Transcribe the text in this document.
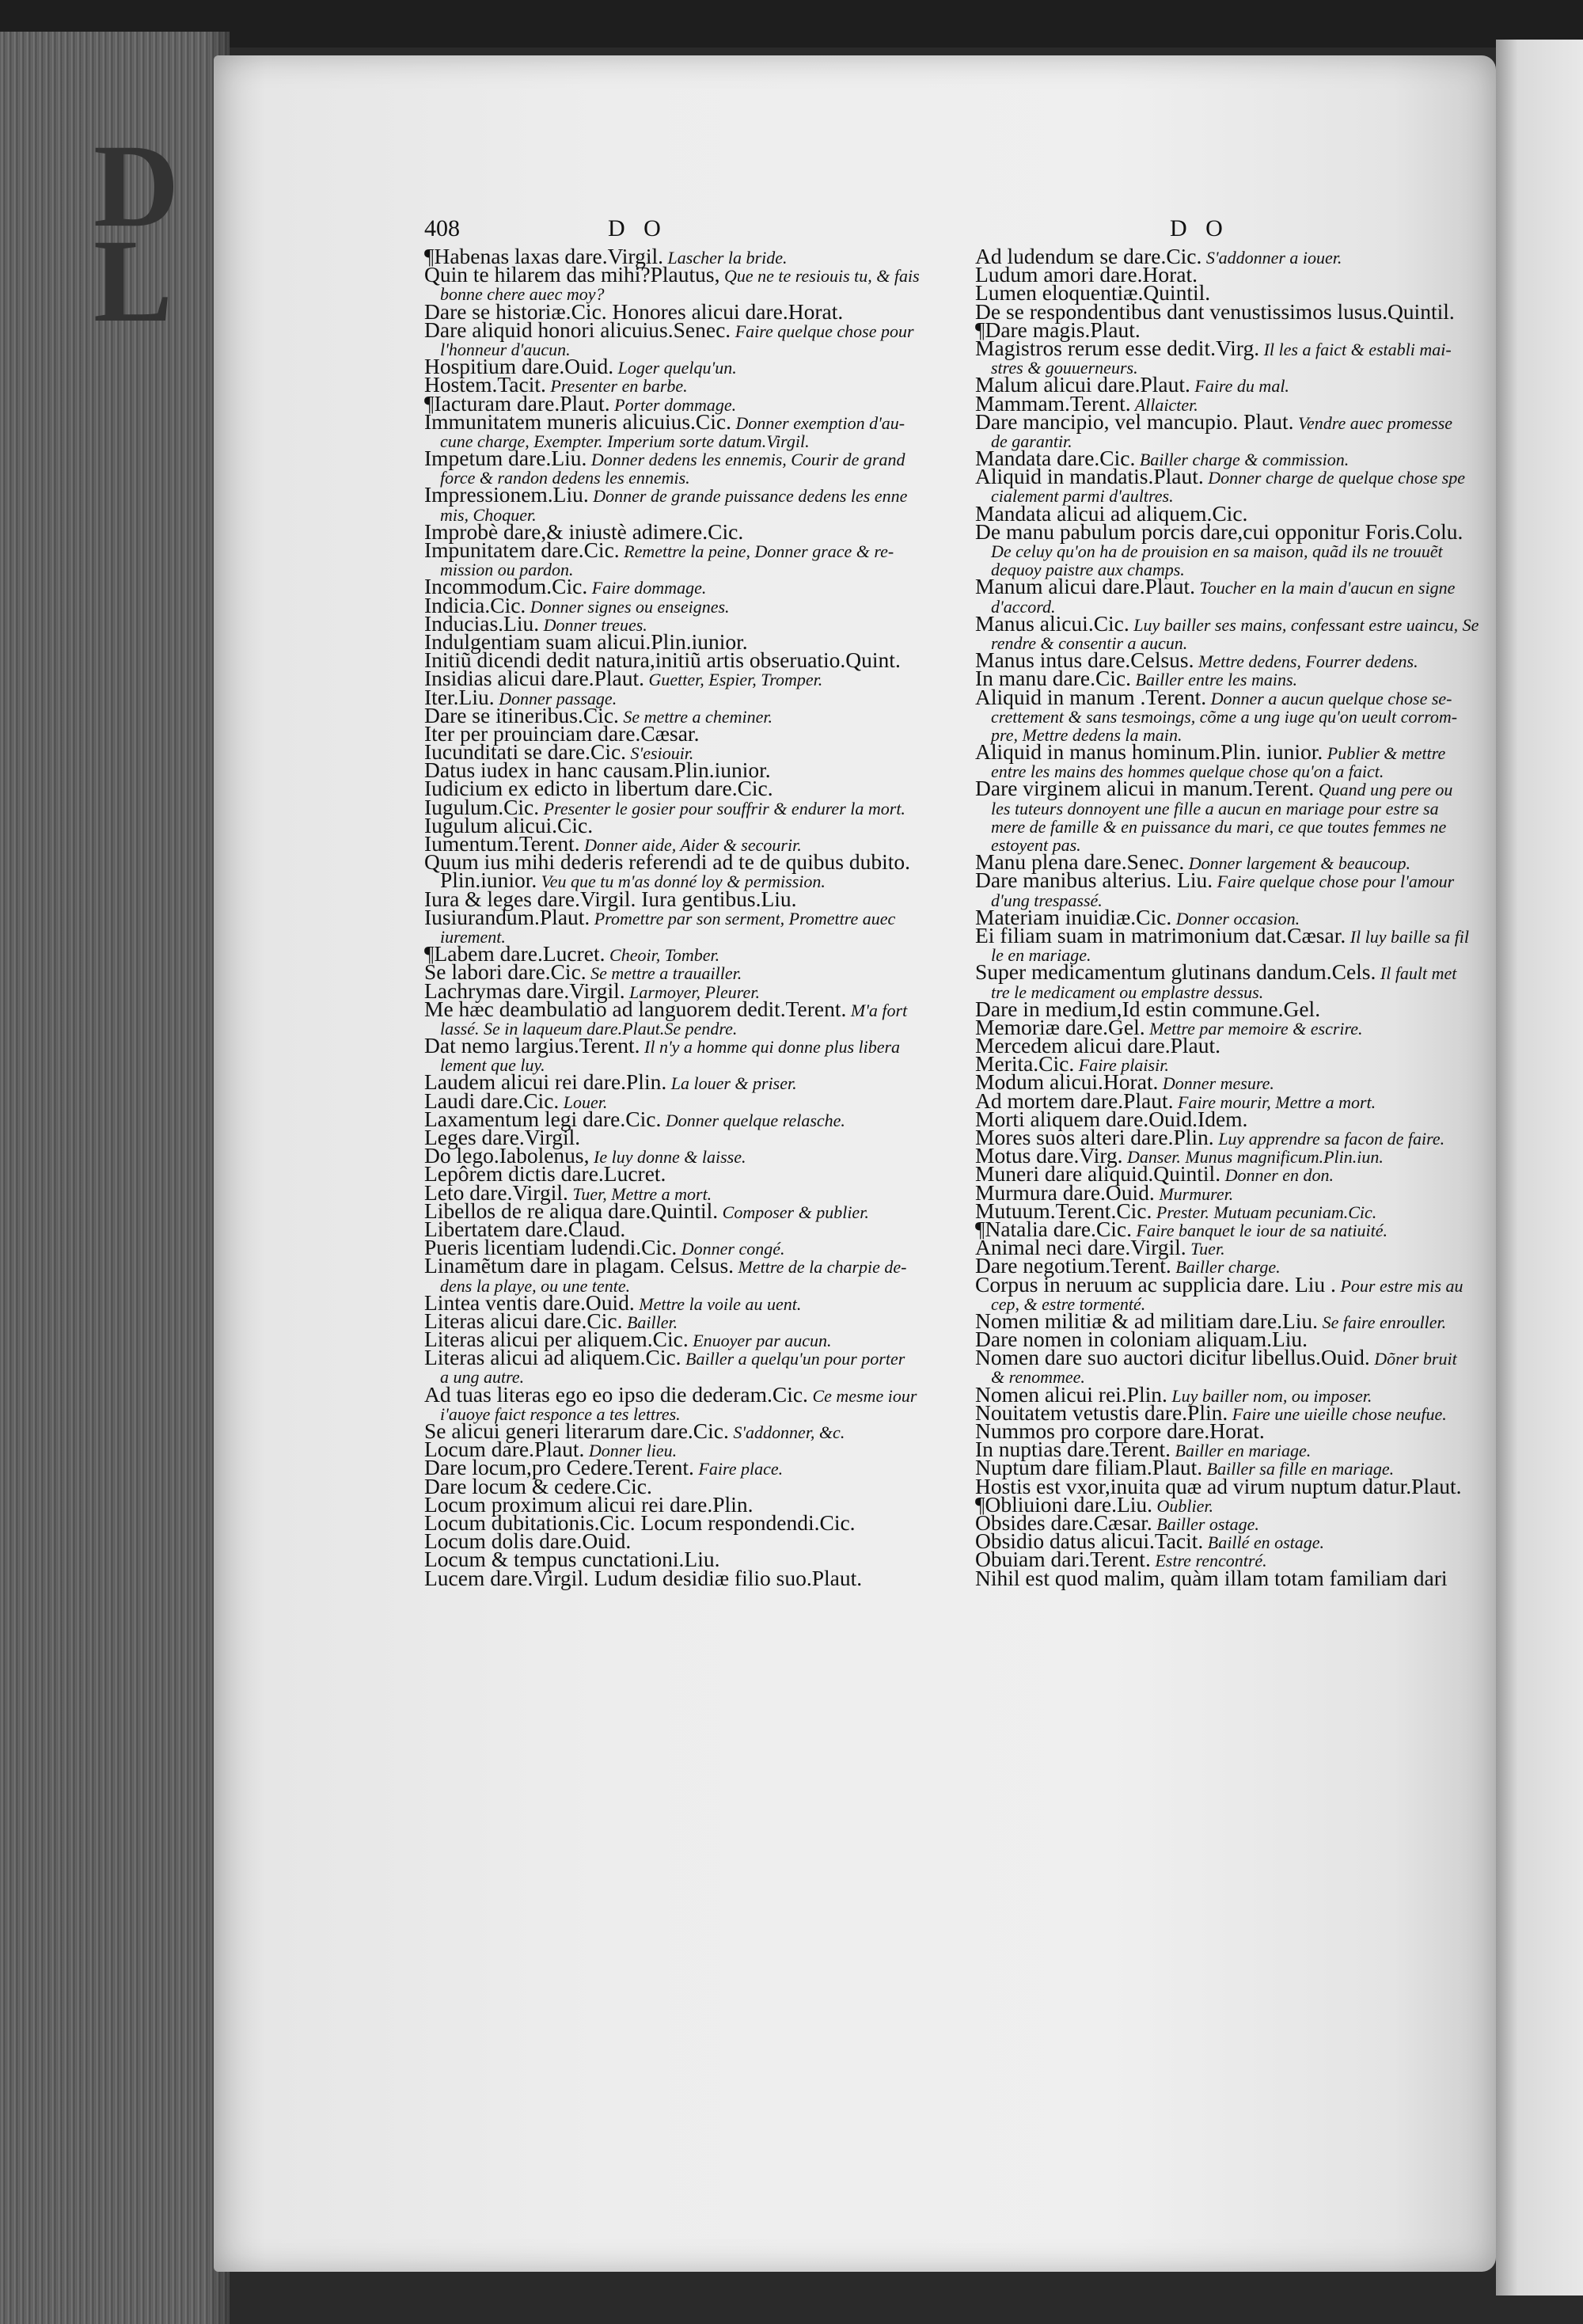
D
L	408	D O	D O
¶Habenas laxas dare.Virgil. Lascher la bride.
Quin te hilarem das mihi?Plautus, Que ne te resiouis tu, & fais
bonne chere auec moy?
Dare se historiæ.Cic. Honores alicui dare.Horat.
Dare aliquid honori alicuius.Senec. Faire quelque chose pour
l'honneur d'aucun.
Hospitium dare.Ouid. Loger quelqu'un.
Hostem.Tacit. Presenter en barbe.
¶Iacturam dare.Plaut. Porter dommage.
Immunitatem muneris alicuius.Cic. Donner exemption d'au-
cune charge, Exempter. Imperium sorte datum.Virgil.
Impetum dare.Liu. Donner dedens les ennemis, Courir de grand
force & randon dedens les ennemis.
Impressionem.Liu. Donner de grande puissance dedens les enne
mis, Choquer.
Improbè dare,& iniustè adimere.Cic.
Impunitatem dare.Cic. Remettre la peine, Donner grace & re-
mission ou pardon.
Incommodum.Cic. Faire dommage.
Indicia.Cic. Donner signes ou enseignes.
Inducias.Liu. Donner treues.
Indulgentiam suam alicui.Plin.iunior.
Initiũ dicendi dedit natura,initiũ artis obseruatio.Quint.
Insidias alicui dare.Plaut. Guetter, Espier, Tromper.
Iter.Liu. Donner passage.
Dare se itineribus.Cic. Se mettre a cheminer.
Iter per prouinciam dare.Cæsar.
Iucunditati se dare.Cic. S'esiouir.
Datus iudex in hanc causam.Plin.iunior.
Iudicium ex edicto in libertum dare.Cic.
Iugulum.Cic. Presenter le gosier pour souffrir & endurer la mort.
Iugulum alicui.Cic.
Iumentum.Terent. Donner aide, Aider & secourir.
Quum ius mihi dederis referendi ad te de quibus dubito.
Plin.iunior. Veu que tu m'as donné loy & permission.
Iura & leges dare.Virgil. Iura gentibus.Liu.
Iusiurandum.Plaut. Promettre par son serment, Promettre auec
iurement.
¶Labem dare.Lucret. Cheoir, Tomber.
Se labori dare.Cic. Se mettre a trauailler.
Lachrymas dare.Virgil. Larmoyer, Pleurer.
Me hæc deambulatio ad languorem dedit.Terent. M'a fort
lassé. Se in laqueum dare.Plaut.Se pendre.
Dat nemo largius.Terent. Il n'y a homme qui donne plus libera
lement que luy.
Laudem alicui rei dare.Plin. La louer & priser.
Laudi dare.Cic. Louer.
Laxamentum legi dare.Cic. Donner quelque relasche.
Leges dare.Virgil.
Do lego.Iabolenus, Ie luy donne & laisse.
Lepôrem dictis dare.Lucret.
Leto dare.Virgil. Tuer, Mettre a mort.
Libellos de re aliqua dare.Quintil. Composer & publier.
Libertatem dare.Claud.
Pueris licentiam ludendi.Cic. Donner congé.
Linamẽtum dare in plagam. Celsus. Mettre de la charpie de-
dens la playe, ou une tente.
Lintea ventis dare.Ouid. Mettre la voile au uent.
Literas alicui dare.Cic. Bailler.
Literas alicui per aliquem.Cic. Enuoyer par aucun.
Literas alicui ad aliquem.Cic. Bailler a quelqu'un pour porter
a ung autre.
Ad tuas literas ego eo ipso die dederam.Cic. Ce mesme iour
i'auoye faict responce a tes lettres.
Se alicui generi literarum dare.Cic. S'addonner, &c.
Locum dare.Plaut. Donner lieu.
Dare locum,pro Cedere.Terent. Faire place.
Dare locum & cedere.Cic.
Locum proximum alicui rei dare.Plin.
Locum dubitationis.Cic. Locum respondendi.Cic.
Locum dolis dare.Ouid.
Locum & tempus cunctationi.Liu.
Lucem dare.Virgil. Ludum desidiæ filio suo.Plaut.
Ad ludendum se dare.Cic. S'addonner a iouer.
Ludum amori dare.Horat.
Lumen eloquentiæ.Quintil.
De se respondentibus dant venustissimos lusus.Quintil.
¶Dare magis.Plaut.
Magistros rerum esse dedit.Virg. Il les a faict & establi mai-
stres & gouuerneurs.
Malum alicui dare.Plaut. Faire du mal.
Mammam.Terent. Allaicter.
Dare mancipio, vel mancupio. Plaut. Vendre auec promesse
de garantir.
Mandata dare.Cic. Bailler charge & commission.
Aliquid in mandatis.Plaut. Donner charge de quelque chose spe
cialement parmi d'aultres.
Mandata alicui ad aliquem.Cic.
De manu pabulum porcis dare,cui opponitur Foris.Colu.
De celuy qu'on ha de prouision en sa maison, quãd ils ne trouuẽt
dequoy paistre aux champs.
Manum alicui dare.Plaut. Toucher en la main d'aucun en signe
d'accord.
Manus alicui.Cic. Luy bailler ses mains, confessant estre uaincu, Se
rendre & consentir a aucun.
Manus intus dare.Celsus. Mettre dedens, Fourrer dedens.
In manu dare.Cic. Bailler entre les mains.
Aliquid in manum .Terent. Donner a aucun quelque chose se-
crettement & sans tesmoings, cõme a ung iuge qu'on ueult corrom-
pre, Mettre dedens la main.
Aliquid in manus hominum.Plin. iunior. Publier & mettre
entre les mains des hommes quelque chose qu'on a faict.
Dare virginem alicui in manum.Terent. Quand ung pere ou
les tuteurs donnoyent une fille a aucun en mariage pour estre sa
mere de famille & en puissance du mari, ce que toutes femmes ne
estoyent pas.
Manu plena dare.Senec. Donner largement & beaucoup.
Dare manibus alterius. Liu. Faire quelque chose pour l'amour
d'ung trespassé.
Materiam inuidiæ.Cic. Donner occasion.
Ei filiam suam in matrimonium dat.Cæsar. Il luy baille sa fil
le en mariage.
Super medicamentum glutinans dandum.Cels. Il fault met
tre le medicament ou emplastre dessus.
Dare in medium,Id estin commune.Gel.
Memoriæ dare.Gel. Mettre par memoire & escrire.
Mercedem alicui dare.Plaut.
Merita.Cic. Faire plaisir.
Modum alicui.Horat. Donner mesure.
Ad mortem dare.Plaut. Faire mourir, Mettre a mort.
Morti aliquem dare.Ouid.Idem.
Mores suos alteri dare.Plin. Luy apprendre sa facon de faire.
Motus dare.Virg. Danser. Munus magnificum.Plin.iun.
Muneri dare aliquid.Quintil. Donner en don.
Murmura dare.Ouid. Murmurer.
Mutuum.Terent.Cic. Prester. Mutuam pecuniam.Cic.
¶Natalia dare.Cic. Faire banquet le iour de sa natiuité.
Animal neci dare.Virgil. Tuer.
Dare negotium.Terent. Bailler charge.
Corpus in neruum ac supplicia dare. Liu . Pour estre mis au
cep, & estre tormenté.
Nomen militiæ & ad militiam dare.Liu. Se faire enrouller.
Dare nomen in coloniam aliquam.Liu.
Nomen dare suo auctori dicitur libellus.Ouid. Dõner bruit
& renommee.
Nomen alicui rei.Plin. Luy bailler nom, ou imposer.
Nouitatem vetustis dare.Plin. Faire une uieille chose neufue.
Nummos pro corpore dare.Horat.
In nuptias dare.Terent. Bailler en mariage.
Nuptum dare filiam.Plaut. Bailler sa fille en mariage.
Hostis est vxor,inuita quæ ad virum nuptum datur.Plaut.
¶Obliuioni dare.Liu. Oublier.
Obsides dare.Cæsar. Bailler ostage.
Obsidio datus alicui.Tacit. Baillé en ostage.
Obuiam dari.Terent. Estre rencontré.
Nihil est quod malim, quàm illam totam familiam dari
